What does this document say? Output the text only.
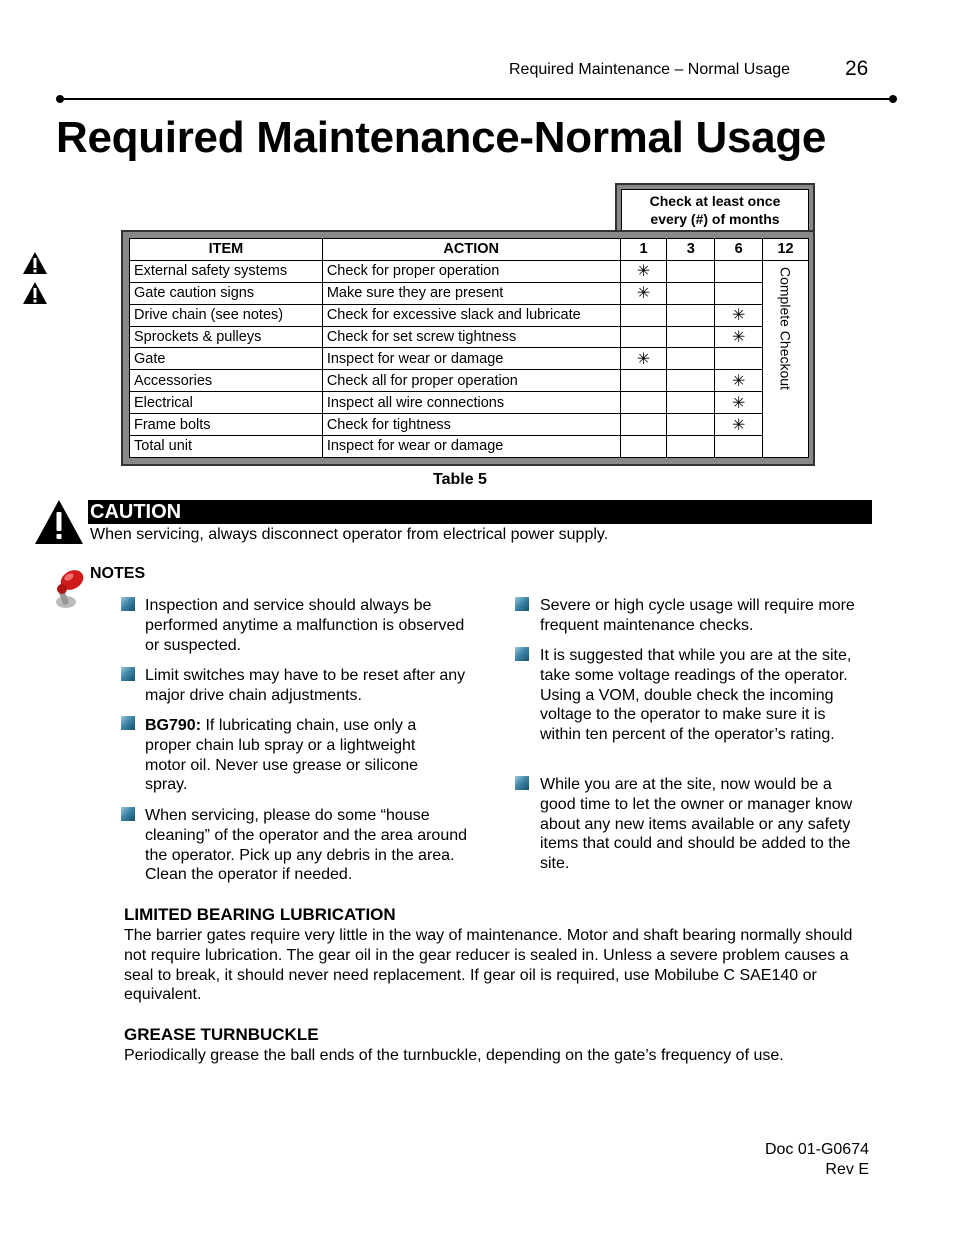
Required Maintenance – Normal Usage	26
Required Maintenance-Normal Usage
Check at least once
every (#) of months
ITEM	ACTION	1	3	6	12
External safety systems	Check for proper operation	✳			Complete Checkout
Gate caution signs	Make sure they are present	✳			
Drive chain (see notes)	Check for excessive slack and lubricate			✳	
Sprockets & pulleys	Check for set screw tightness			✳	
Gate	Inspect for wear or damage	✳			
Accessories	Check all for proper operation			✳	
Electrical	Inspect all wire connections			✳	
Frame bolts	Check for tightness			✳	
Total unit	Inspect for wear or damage				
Table 5
CAUTION
When servicing, always disconnect operator from electrical power supply.
NOTES
Inspection and service should always be performed anytime a malfunction is observed or suspected.
Limit switches may have to be reset after any major drive chain adjustments.
BG790: If lubricating chain, use only a proper chain lub spray or a lightweight motor oil. Never use grease or silicone spray.
When servicing, please do some “house cleaning” of the operator and the area around the operator. Pick up any debris in the area. Clean the operator if needed.
Severe or high cycle usage will require more frequent maintenance checks.
It is suggested that while you are at the site, take some voltage readings of the operator. Using a VOM, double check the incoming voltage to the operator to make sure it is within ten percent of the operator’s rating.
While you are at the site, now would be a good time to let the owner or manager know about any new items available or any safety items that could and should be added to the site.
LIMITED BEARING LUBRICATION
The barrier gates require very little in the way of maintenance. Motor and shaft bearing normally should not require lubrication. The gear oil in the gear reducer is sealed in. Unless a severe problem causes a seal to break, it should never need replacement. If gear oil is required, use Mobilube C SAE140 or equivalent.
GREASE TURNBUCKLE
Periodically grease the ball ends of the turnbuckle, depending on the gate’s frequency of use.
Doc 01-G0674
Rev E
